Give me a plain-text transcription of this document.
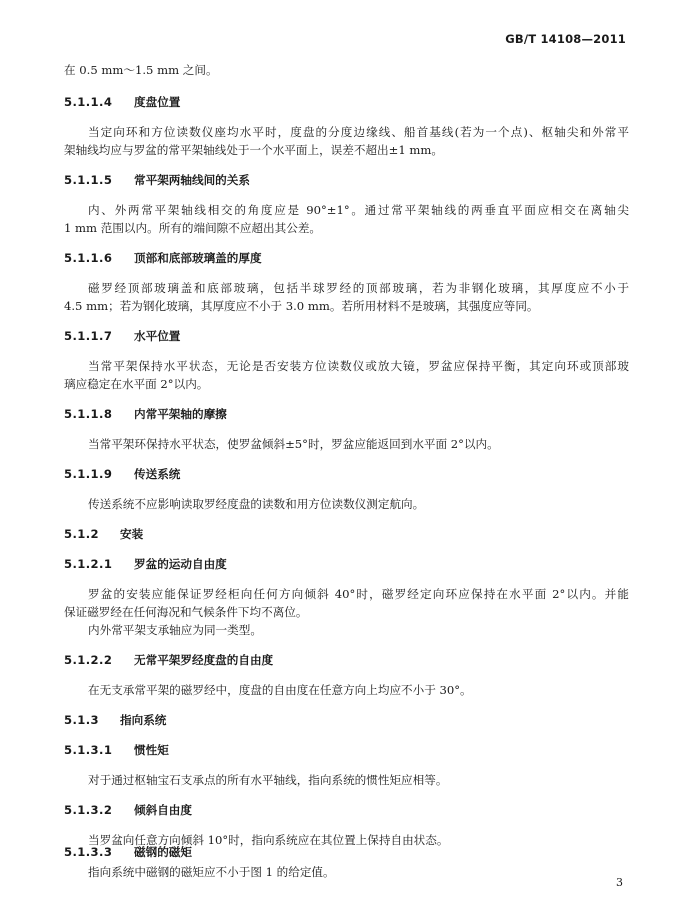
GB/T 14108—2011
在 0.5 mm～1.5 mm 之间。
5.1.1.4 度盘位置
当定向环和方位读数仪座均水平时，度盘的分度边缘线、船首基线(若为一个点)、枢轴尖和外常平
架轴线均应与罗盆的常平架轴线处于一个水平面上，误差不超出±1 mm。
5.1.1.5 常平架两轴线间的关系
内、外两常平架轴线相交的角度应是 90°±1°。通过常平架轴线的两垂直平面应相交在离轴尖
1 mm 范围以内。所有的端间隙不应超出其公差。
5.1.1.6 顶部和底部玻璃盖的厚度
磁罗经顶部玻璃盖和底部玻璃，包括半球罗经的顶部玻璃，若为非钢化玻璃，其厚度应不小于
4.5 mm；若为钢化玻璃，其厚度应不小于 3.0 mm。若所用材料不是玻璃，其强度应等同。
5.1.1.7 水平位置
当常平架保持水平状态，无论是否安装方位读数仪或放大镜，罗盆应保持平衡，其定向环或顶部玻
璃应稳定在水平面 2°以内。
5.1.1.8 内常平架轴的摩擦
当常平架环保持水平状态，使罗盆倾斜±5°时，罗盆应能返回到水平面 2°以内。
5.1.1.9 传送系统
传送系统不应影响读取罗经度盘的读数和用方位读数仪测定航向。
5.1.2 安装
5.1.2.1 罗盆的运动自由度
罗盆的安装应能保证罗经柜向任何方向倾斜 40°时，磁罗经定向环应保持在水平面 2°以内。并能
保证磁罗经在任何海况和气候条件下均不离位。
内外常平架支承轴应为同一类型。
5.1.2.2 无常平架罗经度盘的自由度
在无支承常平架的磁罗经中，度盘的自由度在任意方向上均应不小于 30°。
5.1.3 指向系统
5.1.3.1 惯性矩
对于通过枢轴宝石支承点的所有水平轴线，指向系统的惯性矩应相等。
5.1.3.2 倾斜自由度
当罗盆向任意方向倾斜 10°时，指向系统应在其位置上保持自由状态。
5.1.3.3 磁钢的磁矩
指向系统中磁钢的磁矩应不小于图 1 的给定值。
3
